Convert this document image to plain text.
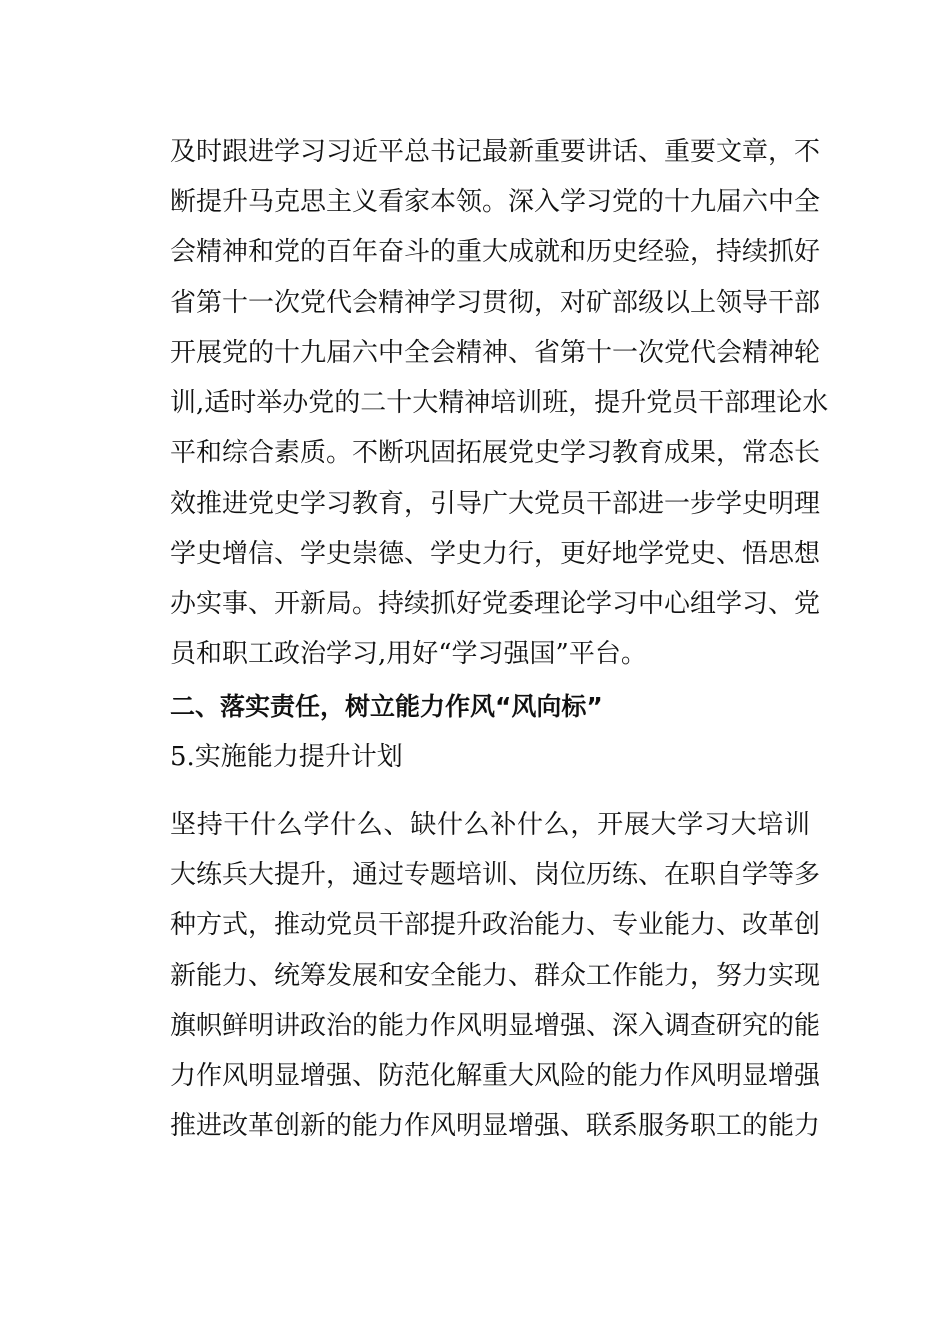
及时跟进学习习近平总书记最新重要讲话、重要文章，不
断提升马克思主义看家本领。深入学习党的十九届六中全
会精神和党的百年奋斗的重大成就和历史经验，持续抓好
省第十一次党代会精神学习贯彻，对矿部级以上领导干部
开展党的十九届六中全会精神、省第十一次党代会精神轮
训,适时举办党的二十大精神培训班，提升党员干部理论水
平和综合素质。不断巩固拓展党史学习教育成果，常态长
效推进党史学习教育，引导广大党员干部进一步学史明理
学史增信、学史崇德、学史力行，更好地学党史、悟思想
办实事、开新局。持续抓好党委理论学习中心组学习、党
员和职工政治学习,用好“学习强国”平台。
二、落实责任，树立能力作风“风向标”
5.实施能力提升计划
坚持干什么学什么、缺什么补什么，开展大学习大培训
大练兵大提升，通过专题培训、岗位历练、在职自学等多
种方式，推动党员干部提升政治能力、专业能力、改革创
新能力、统筹发展和安全能力、群众工作能力，努力实现
旗帜鲜明讲政治的能力作风明显增强、深入调查研究的能
力作风明显增强、防范化解重大风险的能力作风明显增强
推进改革创新的能力作风明显增强、联系服务职工的能力
